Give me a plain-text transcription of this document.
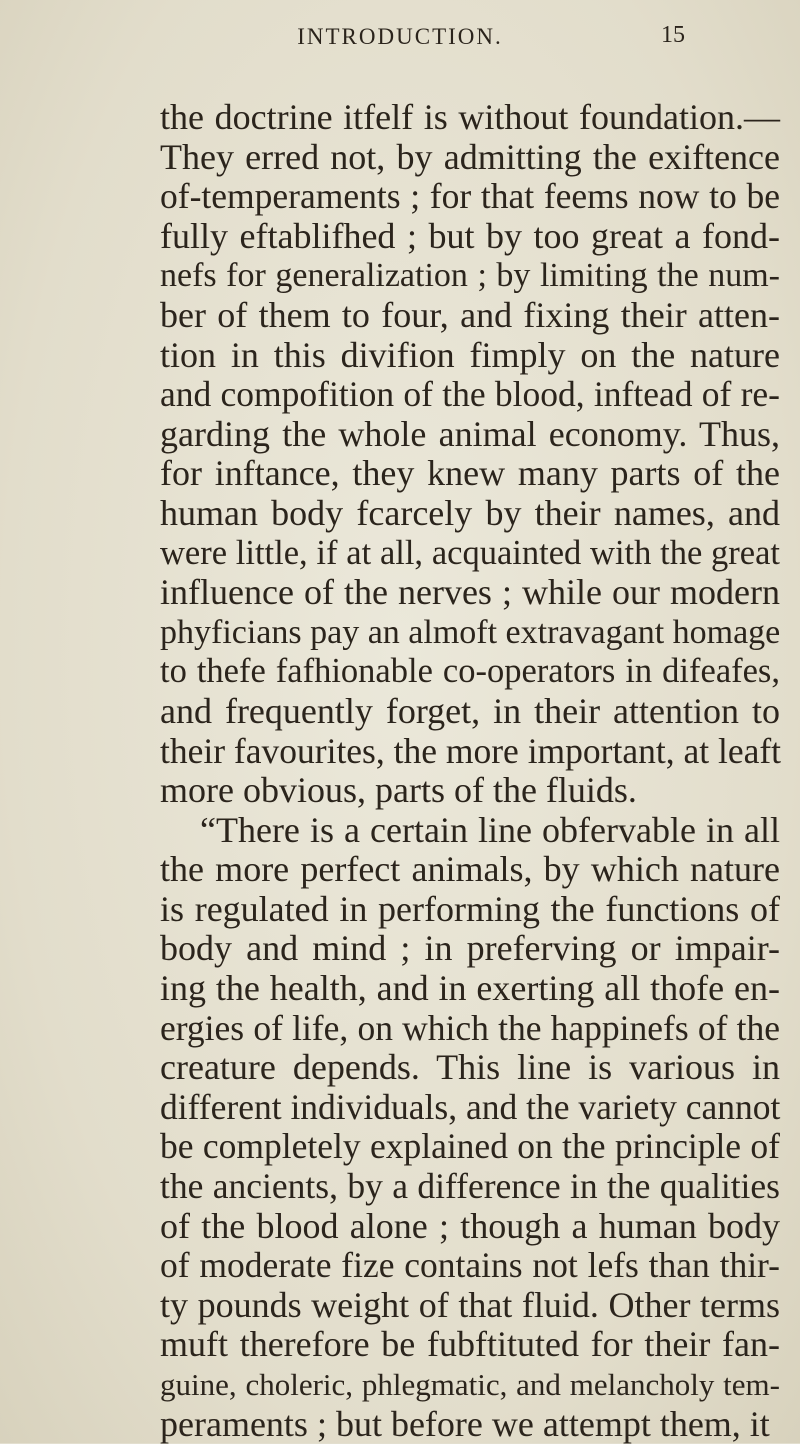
INTRODUCTION.	15
the doctrine itfelf is without foundation.—
They erred not, by admitting the exiftence
of-temperaments ; for that feems now to be
fully eftablifhed ; but by too great a fond-
nefs for generalization ; by limiting the num-
ber of them to four, and fixing their atten-
tion in this divifion fimply on the nature
and compofition of the blood, inftead of re-
garding the whole animal economy. Thus,
for inftance, they knew many parts of the
human body fcarcely by their names, and
were little, if at all, acquainted with the great
influence of the nerves ; while our modern
phyficians pay an almoft extravagant homage
to thefe fafhionable co-operators in difeafes,
and frequently forget, in their attention to
their favourites, the more important, at leaft
more obvious, parts of the fluids.
“There is a certain line obfervable in all
the more perfect animals, by which nature
is regulated in performing the functions of
body and mind ; in preferving or impair-
ing the health, and in exerting all thofe en-
ergies of life, on which the happinefs of the
creature depends. This line is various in
different individuals, and the variety cannot
be completely explained on the principle of
the ancients, by a difference in the qualities
of the blood alone ; though a human body
of moderate fize contains not lefs than thir-
ty pounds weight of that fluid. Other terms
muft therefore be fubftituted for their fan-
guine, choleric, phlegmatic, and melancholy tem-
peraments ; but before we attempt them, it
